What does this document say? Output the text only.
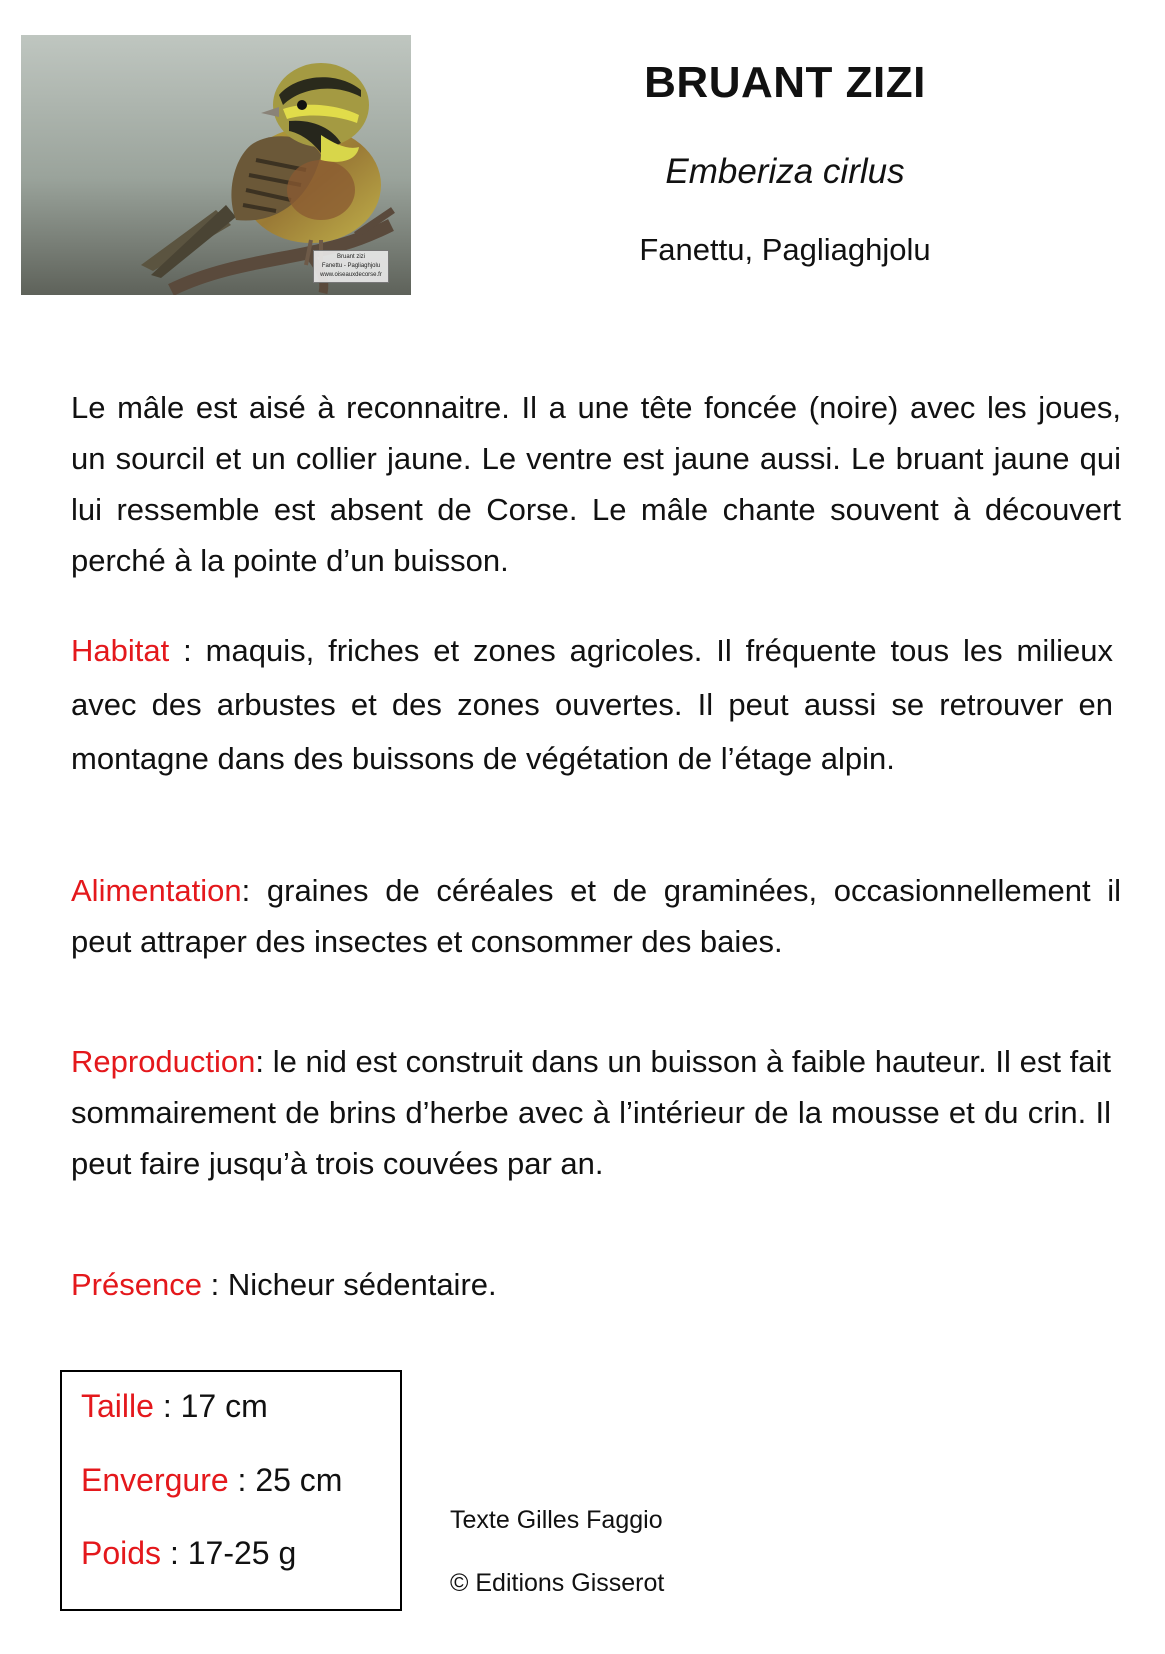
Bruant zizi
Fanettu - Pagliaghjolu
www.oiseauxdecorse.fr
BRUANT ZIZI
Emberiza cirlus
Fanettu, Pagliaghjolu

Le mâle est aisé à reconnaitre. Il a une tête foncée (noire) avec les joues, un sourcil et un collier jaune. Le ventre est jaune aussi. Le bruant jaune qui lui ressemble est absent de Corse. Le mâle chante souvent à découvert perché à la pointe d’un buisson.

Habitat : maquis, friches et zones agricoles. Il fréquente tous les milieux avec des arbustes et des zones ouvertes. Il peut aussi se retrouver en montagne dans des buissons de végétation de l’étage alpin.

Alimentation: graines de céréales et de graminées, occasionnellement il peut attraper des insectes et consommer des baies.

Reproduction: le nid est construit dans un buisson à faible hauteur. Il est fait sommairement de brins d’herbe avec à l’intérieur de la mousse et du crin. Il peut faire jusqu’à trois couvées par an.

Présence : Nicheur sédentaire.

Taille : 17 cm
Envergure : 25 cm
Poids : 17-25 g
Texte Gilles Faggio
© Editions Gisserot
